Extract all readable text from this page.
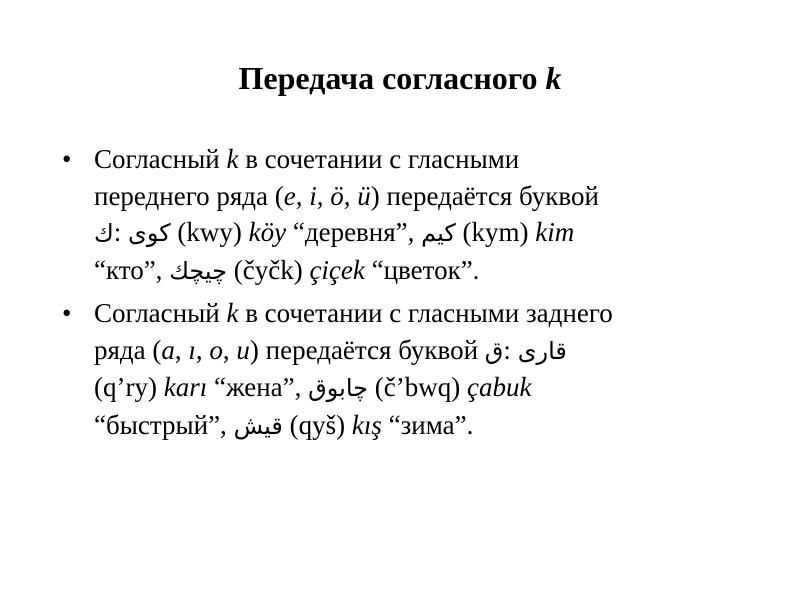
Передача согласного k
• Согласный k в сочетании с гласными
переднего ряда (e, i, ö, ü) передаётся буквой
ك: كوی (kwy) köy “деревня”, كيم (kym) kim
“кто”, چيچك (čyčk) çiçek “цветок”.
• Согласный k в сочетании с гласными заднего
ряда (a, ı, o, u) передаётся буквой ق: قاری
(q’ry) karı “жена”, چابوق (č’bwq) çabuk
“быстрый”, قيش (qyš) kış “зима”.
